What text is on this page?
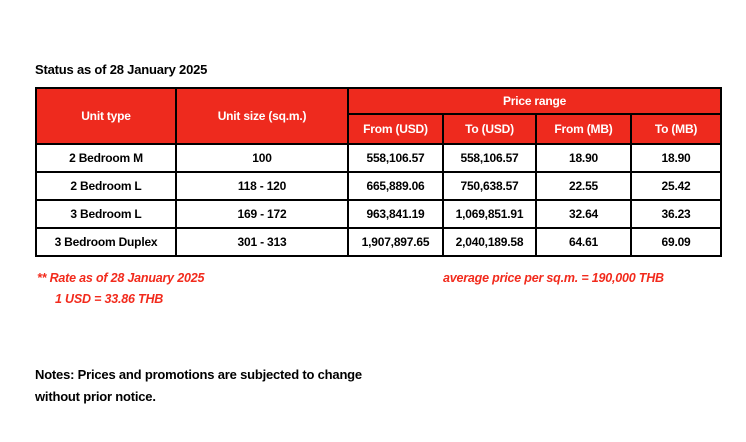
Status as of 28 January 2025
Unit type	Unit size (sq.m.)	Price range			
		From (USD)	To (USD)	From (MB)	To (MB)
2 Bedroom M	100	558,106.57	558,106.57	18.90	18.90
2 Bedroom L	118 - 120	665,889.06	750,638.57	22.55	25.42
3 Bedroom L	169 - 172	963,841.19	1,069,851.91	32.64	36.23
3 Bedroom Duplex	301 - 313	1,907,897.65	2,040,189.58	64.61	69.09
** Rate as of 28 January 2025
1 USD = 33.86 THB
average price per sq.m. = 190,000 THB
Notes: Prices and promotions are subjected to change
without prior notice.
